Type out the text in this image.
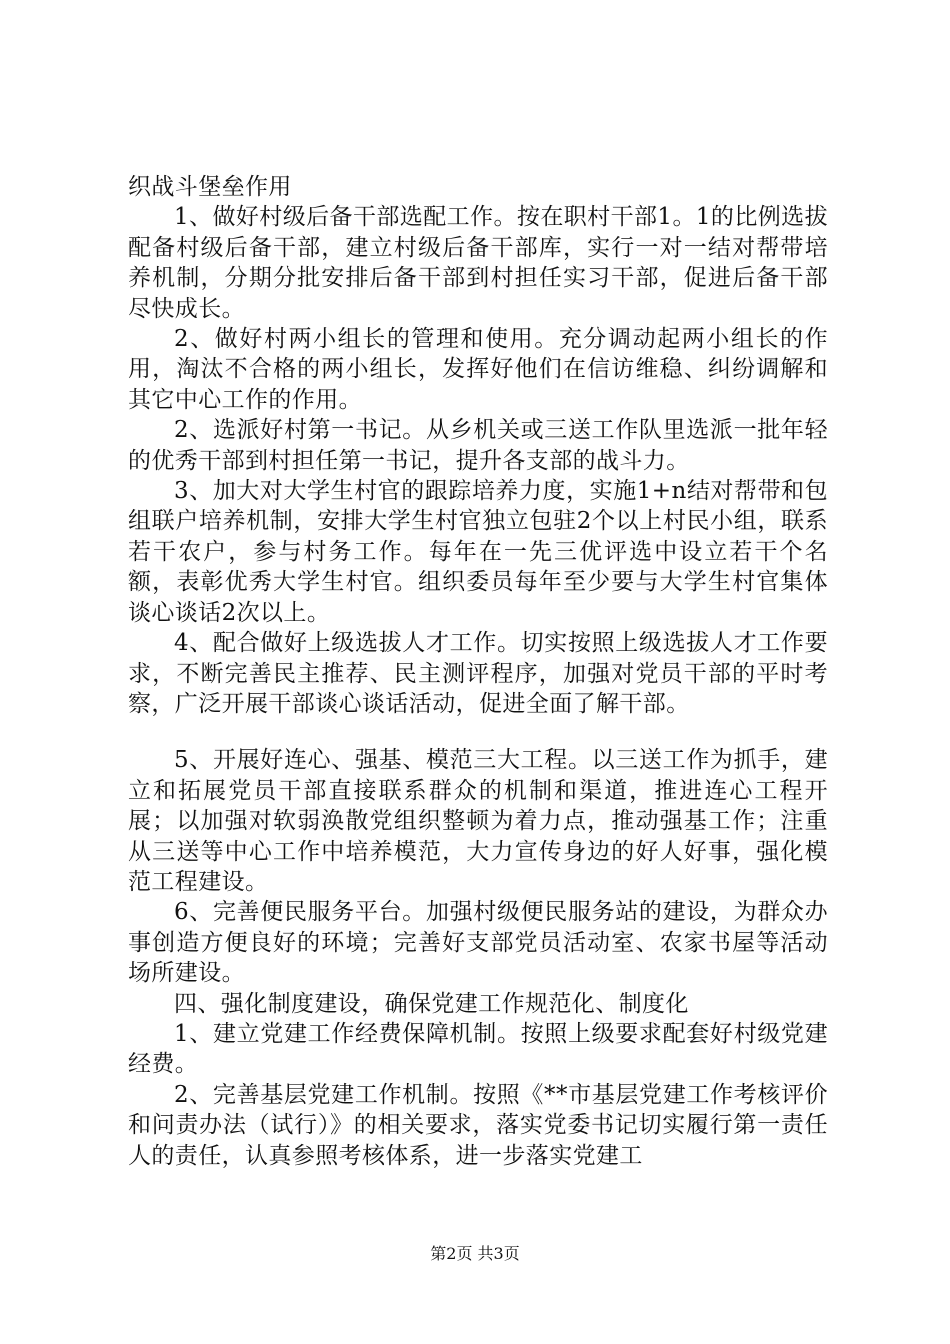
织战斗堡垒作用

1、做好村级后备干部选配工作。按在职村干部1。1的比例选拔配备村级后备干部，建立村级后备干部库，实行一对一结对帮带培养机制，分期分批安排后备干部到村担任实习干部，促进后备干部尽快成长。

2、做好村两小组长的管理和使用。充分调动起两小组长的作用，淘汰不合格的两小组长，发挥好他们在信访维稳、纠纷调解和其它中心工作的作用。

2、选派好村第一书记。从乡机关或三送工作队里选派一批年轻的优秀干部到村担任第一书记，提升各支部的战斗力。

3、加大对大学生村官的跟踪培养力度，实施1+n结对帮带和包组联户培养机制，安排大学生村官独立包驻2个以上村民小组，联系若干农户，参与村务工作。每年在一先三优评选中设立若干个名额，表彰优秀大学生村官。组织委员每年至少要与大学生村官集体谈心谈话2次以上。

4、配合做好上级选拔人才工作。切实按照上级选拔人才工作要求，不断完善民主推荐、民主测评程序，加强对党员干部的平时考察，广泛开展干部谈心谈话活动，促进全面了解干部。

5、开展好连心、强基、模范三大工程。以三送工作为抓手，建立和拓展党员干部直接联系群众的机制和渠道，推进连心工程开展；以加强对软弱涣散党组织整顿为着力点，推动强基工作；注重从三送等中心工作中培养模范，大力宣传身边的好人好事，强化模范工程建设。

6、完善便民服务平台。加强村级便民服务站的建设，为群众办事创造方便良好的环境；完善好支部党员活动室、农家书屋等活动场所建设。

四、强化制度建设，确保党建工作规范化、制度化

1、建立党建工作经费保障机制。按照上级要求配套好村级党建经费。

2、完善基层党建工作机制。按照《**市基层党建工作考核评价和问责办法（试行）》的相关要求，落实党委书记切实履行第一责任人的责任，认真参照考核体系，进一步落实党建工

第2页 共3页
